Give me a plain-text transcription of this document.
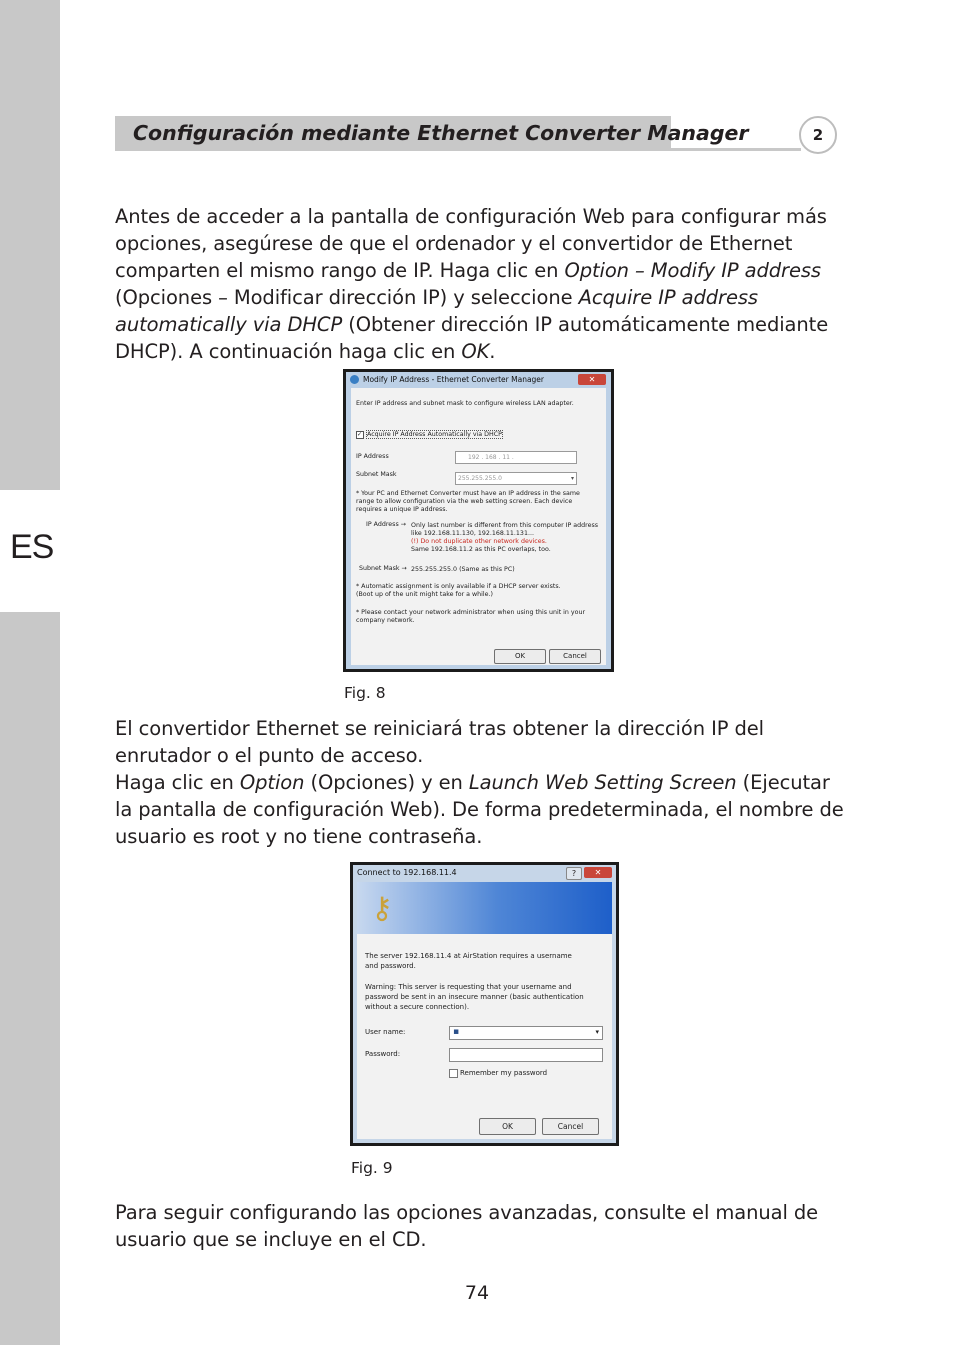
ES
Configuración mediante Ethernet Converter Manager	2

Antes de acceder a la pantalla de configuración Web para configurar más opciones, asegúrese de que el ordenador y el convertidor de Ethernet comparten el mismo rango de IP. Haga clic en Option – Modify IP address (Opciones – Modificar dirección IP) y seleccione Acquire IP address automatically via DHCP (Obtener dirección IP automáticamente mediante DHCP). A continuación haga clic en OK.

Modify IP Address - Ethernet Converter Manager	✕
Enter IP address and subnet mask to configure wireless LAN adapter.
✓ Acquire IP Address Automatically via DHCP
IP Address	192 . 168 . 11 .
Subnet Mask
255.255.255.0	▾
* Your PC and Ethernet Converter must have an IP address in the same
range to allow configuration via the web setting screen. Each device
requires a unique IP address.
IP Address → Only last number is different from this computer IP address
like 192.168.11.130, 192.168.11.131...
(!) Do not duplicate other network devices.
Same 192.168.11.2 as this PC overlaps, too.
Subnet Mask → 255.255.255.0 (Same as this PC)
* Automatic assignment is only available if a DHCP server exists.
(Boot up of the unit might take for a while.)
* Please contact your network administrator when using this unit in your
company network.
OK	Cancel
Fig. 8

El convertidor Ethernet se reiniciará tras obtener la dirección IP del enrutador o el punto de acceso.

Haga clic en Option (Opciones) y en Launch Web Setting Screen (Ejecutar la pantalla de configuración Web). De forma predeterminada, el nombre de usuario es root y no tiene contraseña.

Connect to 192.168.11.4	?	✕
⚷
The server 192.168.11.4 at AirStation requires a username
and password.
Warning: This server is requesting that your username and
password be sent in an insecure manner (basic authentication
without a secure connection).
User name:	▪	▾
Password:
Remember my password
OK	Cancel
Fig. 9

Para seguir configurando las opciones avanzadas, consulte el manual de usuario que se incluye en el CD.

74
